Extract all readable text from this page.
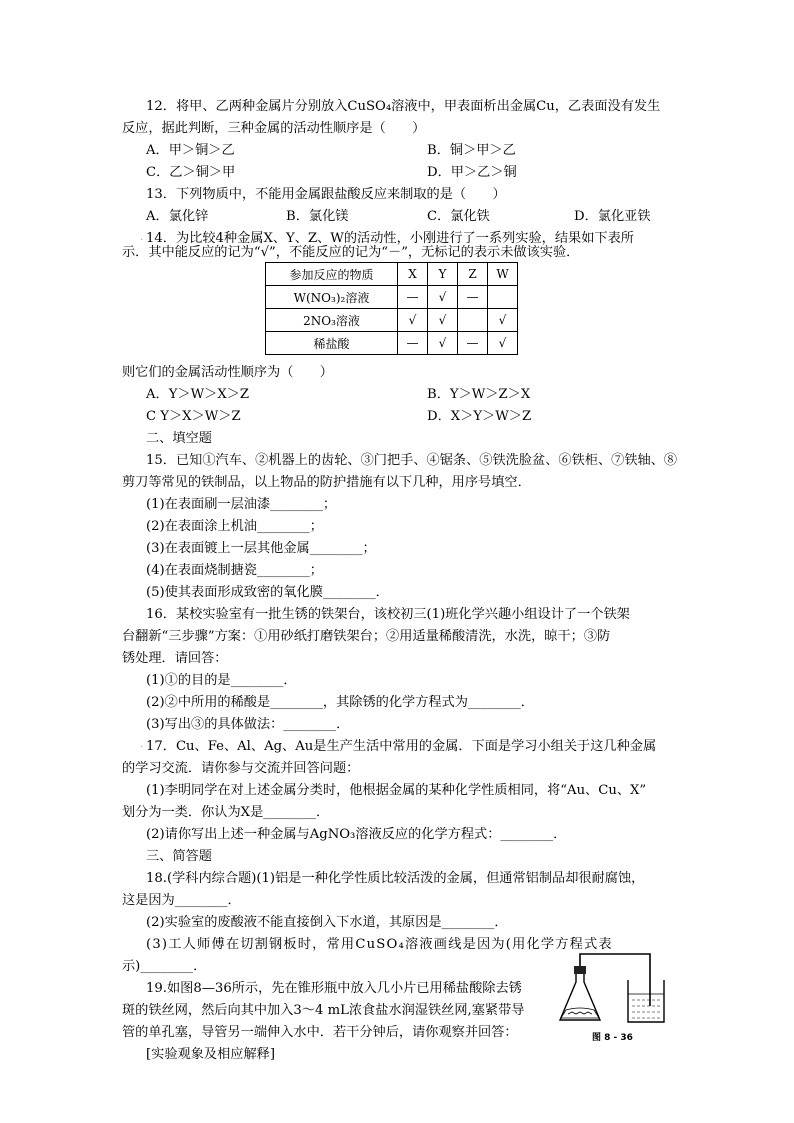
12．将甲、乙两种金属片分别放入CuSO₄溶液中，甲表面析出金属Cu，乙表面没有发生
反应，据此判断，三种金属的活动性顺序是（　　）
A．甲＞铜＞乙	B．铜＞甲＞乙
C．乙＞铜＞甲	D．甲＞乙＞铜
13．下列物质中，不能用金属跟盐酸反应来制取的是（　　）
A．氯化锌	B．氯化镁	C．氯化铁	D．氯化亚铁
. 14．为比较4种金属X、Y、Z、W的活动性，小刚进行了一系列实验，结果如下表所
示．其中能反应的记为“√”，不能反应的记为“－”，无标记的表示未做该实验．
参加反应的物质	X	Y	Z	W
W(NO₃)₂溶液	—	√	—	
2NO₃溶液	√	√		√
稀盐酸	—	√	—	√
则它们的金属活动性顺序为（　　）
A．Y＞W＞X＞Z	B．Y＞W＞Z＞X
C Y＞X＞W＞Z	D．X＞Y＞W＞Z
二、填空题
15．已知①汽车、②机器上的齿轮、③门把手、④锯条、⑤铁洗脸盆、⑥铁柜、⑦铁轴、⑧
剪刀等常见的铁制品，以上物品的防护措施有以下几种，用序号填空．
(1)在表面刷一层油漆________；
(2)在表面涂上机油________；
(3)在表面镀上一层其他金属________；
(4)在表面烧制搪瓷________；
(5)使其表面形成致密的氧化膜________．
16．某校实验室有一批生锈的铁架台，该校初三(1)班化学兴趣小组设计了一个铁架
台翻新“三步骤”方案：①用砂纸打磨铁架台；②用适量稀酸清洗，水洗，晾干；③防
锈处理．请回答：
(1)①的目的是________．
(2)②中所用的稀酸是________，其除锈的化学方程式为________．
(3)写出③的具体做法：________．
. 17．Cu、Fe、Al、Ag、Au是生产生活中常用的金属．下面是学习小组关于这几种金属
的学习交流．请你参与交流并回答问题：
(1)李明同学在对上述金属分类时，他根据金属的某种化学性质相同，将“Au、Cu、X”
划分为一类．你认为X是________．
(2)请你写出上述一种金属与AgNO₃溶液反应的化学方程式：________．
三、简答题
18.(学科内综合题)(1)铝是一种化学性质比较活泼的金属，但通常铝制品却很耐腐蚀，
这是因为________．
(2)实验室的废酸液不能直接倒入下水道，其原因是________．
(3)工人师傅在切割钢板时，常用CuSO₄溶液画线是因为(用化学方程式表
示)________．
19.如图8—36所示，先在锥形瓶中放入几小片已用稀盐酸除去锈
斑的铁丝网，然后向其中加入3～4 mL浓食盐水润湿铁丝网,塞紧带导
管的单孔塞，导管另一端伸入水中．若干分钟后，请你观察并回答：
[实验观象及相应解释]
图 8 - 36
